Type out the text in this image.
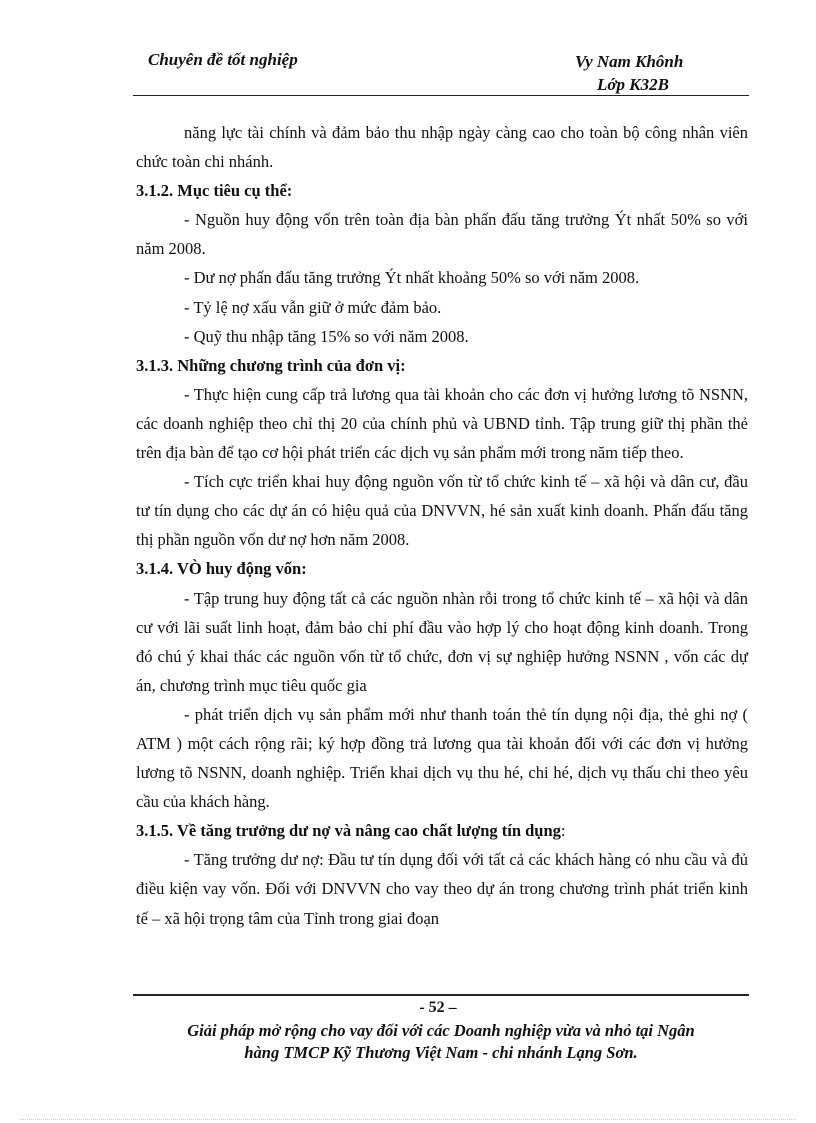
Chuyên đề tốt nghiệp	Vy Nam Khônh
Lớp K32B

năng lực tài chính và đảm bảo thu nhập ngày càng cao cho toàn bộ công nhân viên chức toàn chi nhánh.

3.1.2. Mục tiêu cụ thể:

- Nguồn huy động vốn trên toàn địa bàn phấn đấu tăng trưởng Ýt nhất 50% so với năm 2008.

- Dư nợ phấn đấu tăng trưởng Ýt nhất khoảng 50% so với năm 2008.

- Tỷ lệ nợ xấu vẫn giữ ở mức đảm bảo.

- Quỹ thu nhập tăng 15% so với năm 2008.

3.1.3. Những chương trình của đơn vị:

- Thực hiện cung cấp trả lương qua tài khoản cho các đơn vị hưởng lương tõ NSNN, các doanh nghiệp theo chỉ thị 20 của chính phủ và UBND tỉnh. Tập trung giữ thị phần thẻ trên địa bàn để tạo cơ hội phát triển các dịch vụ sản phẩm mới trong năm tiếp theo.

- Tích cực triển khai huy động nguồn vốn từ tổ chức kinh tế – xã hội và dân cư, đầu tư tín dụng cho các dự án có hiệu quả của DNVVN, hé sản xuất kinh doanh. Phấn đấu tăng thị phần nguồn vốn dư nợ hơn năm 2008.

3.1.4. VÒ huy động vốn:

- Tập trung huy động tất cả các nguồn nhàn rỗi trong tổ chức kinh tế – xã hội và dân cư với lãi suất linh hoạt, đảm bảo chi phí đầu vào hợp lý cho hoạt động kinh doanh. Trong đó chú ý khai thác các nguồn vốn từ tổ chức, đơn vị sự nghiệp hưởng NSNN , vốn các dự án, chương trình mục tiêu quốc gia

- phát triển dịch vụ sản phẩm mới như thanh toán thẻ tín dụng nội địa, thẻ ghi nợ ( ATM ) một cách rộng rãi; ký hợp đồng trả lương qua tài khoản đối với các đơn vị hưởng lương tõ NSNN, doanh nghiệp. Triển khai dịch vụ thu hé, chi hé, dịch vụ thấu chi theo yêu cầu của khách hàng.

3.1.5. Về tăng trưởng dư nợ và nâng cao chất lượng tín dụng:

- Tăng trưởng dư nợ: Đầu tư tín dụng đối với tất cả các khách hàng có nhu cầu và đủ điều kiện vay vốn. Đối với DNVVN cho vay theo dự án trong chương trình phát triển kinh tế – xã hội trọng tâm của Tỉnh trong giai đoạn

- 52 –
Giải pháp mở rộng cho vay đối với các Doanh nghiệp vừa và nhỏ tại Ngân
hàng TMCP Kỹ Thương Việt Nam - chi nhánh Lạng Sơn.
